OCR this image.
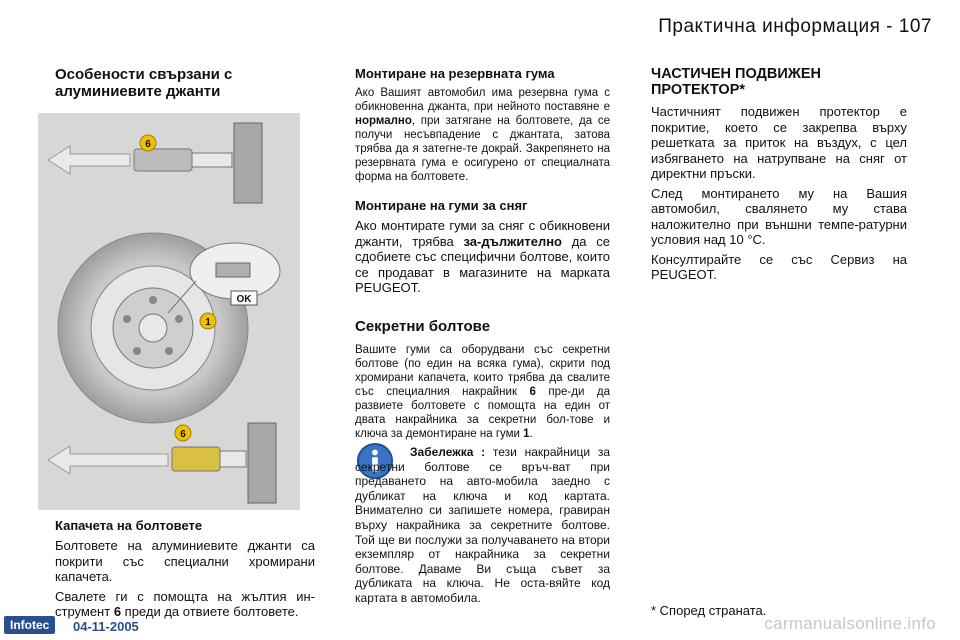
Практична информация - 107
Особености свързани с алуминиевите джанти
6
OK
1
6
Капачета на болтовете

Болтовете на алуминиевите джанти са покрити със специални хромирани капачета.

Свалете ги с помощта на жълтия ин-струмент 6 преди да отвиете болтовете.

Монтиране на резервната гума

Ако Вашият автомобил има резервна гума с обикновенна джанта, при нейното поставяне е нормално, при затягане на болтовете, да се получи несъвпадение с джантата, затова трябва да я затегне-те докрай. Закрепянето на резервната гума е осигурено от специалната форма на болтовете.

Монтиране на гуми за сняг

Ако монтирате гуми за сняг с обикновени джанти, трябва за-дължително да се сдобиете със специфични болтове, които се продават в магазините на марката PEUGEOT.

Секретни болтове

Вашите гуми са оборудвани със секретни болтове (по един на всяка гума), скрити под хромирани капачета, които трябва да свалите със специалния накрайник 6 пре-ди да развиете болтовете с помощта на един от двата накрайника за секретни бол-тове и ключа за демонтиране на гуми 1.

Забележка : тези накрайници за секретни болтове се връч-ват при предаването на авто-мобила заедно с дубликат на ключа и код картата. Внимателно си запишете номера, гравиран върху накрайника за секретните болтове. Той ще ви послужи за получаването на втори екземпляр от накрайника за секретни болтове. Даваме Ви съща съвет за дубликата на ключа. Не оста-вяйте код картата в автомобила.
ЧАСТИЧЕН ПОДВИЖЕН ПРОТЕКТОР*

Частичният подвижен протектор е покритие, което се закрепва върху решетката за приток на въздух, с цел избягването на натрупване на сняг от директни пръски.

След монтирането му на Вашия автомобил, свалянето му става наложително при външни темпе-ратурни условия над 10 °C.

Консултирайте се със Сервиз на PEUGEOT.

* Според страната.
Infotec	04-11-2005	carmanualsonline.info
